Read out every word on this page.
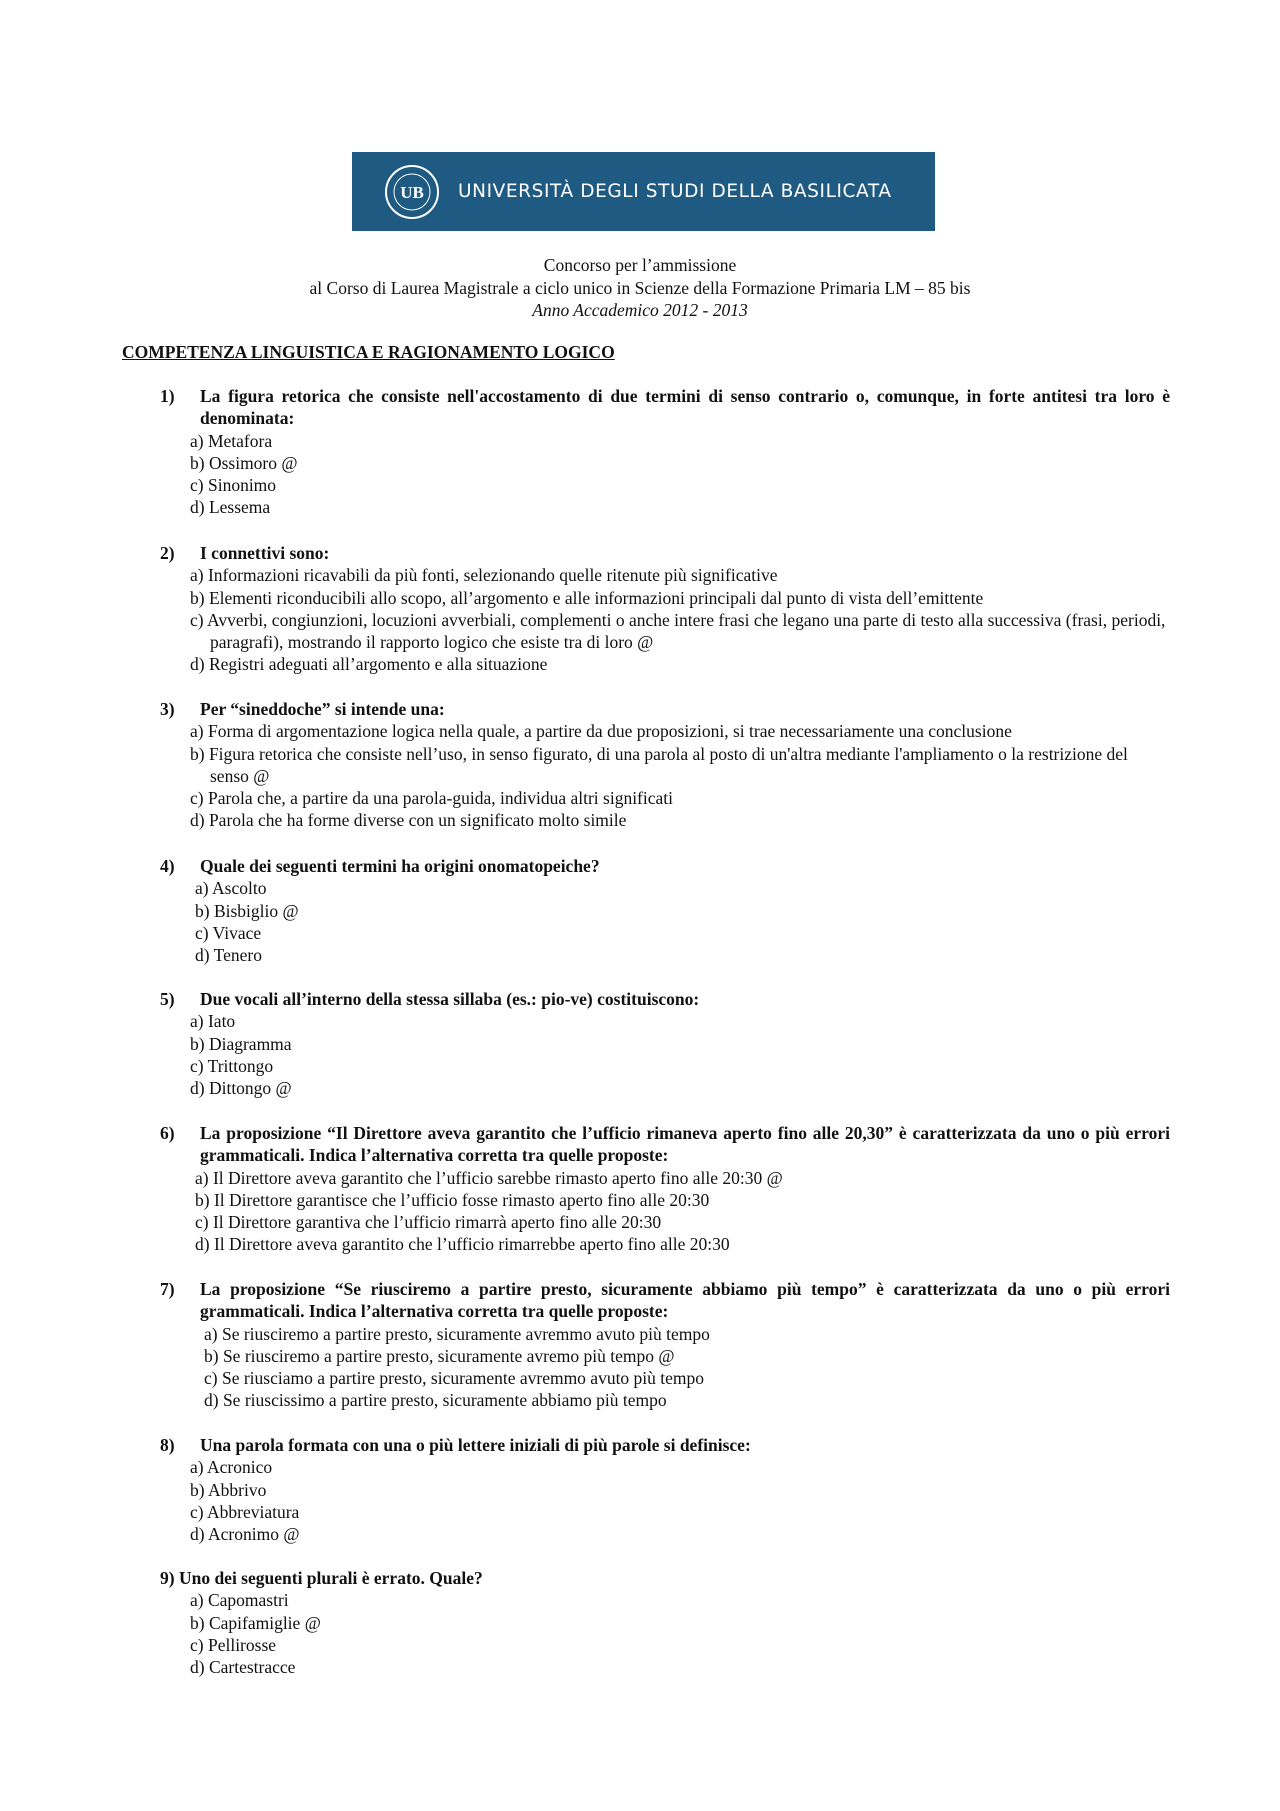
UB UNIVERSITÀ DEGLI STUDI DELLA BASILICATA
Concorso per l’ammissione
al Corso di Laurea Magistrale a ciclo unico in Scienze della Formazione Primaria LM – 85 bis
Anno Accademico 2012 - 2013
COMPETENZA LINGUISTICA E RAGIONAMENTO LOGICO
1)	La figura retorica che consiste nell'accostamento di due termini di senso contrario o, comunque, in forte antitesi tra loro è denominata:
a) Metafora
b) Ossimoro @
c) Sinonimo
d) Lessema
2)	I connettivi sono:
a) Informazioni ricavabili da più fonti, selezionando quelle ritenute più significative
b) Elementi riconducibili allo scopo, all’argomento e alle informazioni principali dal punto di vista dell’emittente
c) Avverbi, congiunzioni, locuzioni avverbiali, complementi o anche intere frasi che legano una parte di testo alla successiva (frasi, periodi, paragrafi), mostrando il rapporto logico che esiste tra di loro @
d) Registri adeguati all’argomento e alla situazione
3)	Per “sineddoche” si intende una:
a) Forma di argomentazione logica nella quale, a partire da due proposizioni, si trae necessariamente una conclusione
b) Figura retorica che consiste nell’uso, in senso figurato, di una parola al posto di un'altra mediante l'ampliamento o la restrizione del senso @
c) Parola che, a partire da una parola-guida, individua altri significati
d) Parola che ha forme diverse con un significato molto simile
4)	Quale dei seguenti termini ha origini onomatopeiche?
a) Ascolto
b) Bisbiglio @
c) Vivace
d) Tenero
5)	Due vocali all’interno della stessa sillaba (es.: pio-ve) costituiscono:
a) Iato
b) Diagramma
c) Trittongo
d) Dittongo @
6)	La proposizione “Il Direttore aveva garantito che l’ufficio rimaneva aperto fino alle 20,30” è caratterizzata da uno o più errori grammaticali. Indica l’alternativa corretta tra quelle proposte:
a) Il Direttore aveva garantito che l’ufficio sarebbe rimasto aperto fino alle 20:30 @
b) Il Direttore garantisce che l’ufficio fosse rimasto aperto fino alle 20:30
c) Il Direttore garantiva che l’ufficio rimarrà aperto fino alle 20:30
d) Il Direttore aveva garantito che l’ufficio rimarrebbe aperto fino alle 20:30
7)	La proposizione “Se riusciremo a partire presto, sicuramente abbiamo più tempo” è caratterizzata da uno o più errori grammaticali. Indica l’alternativa corretta tra quelle proposte:
a) Se riusciremo a partire presto, sicuramente avremmo avuto più tempo
b) Se riusciremo a partire presto, sicuramente avremo più tempo @
c) Se riusciamo a partire presto, sicuramente avremmo avuto più tempo
d) Se riuscissimo a partire presto, sicuramente abbiamo più tempo
8)	Una parola formata con una o più lettere iniziali di più parole si definisce:
a) Acronico
b) Abbrivo
c) Abbreviatura
d) Acronimo @
9) Uno dei seguenti plurali è errato. Quale?
a) Capomastri
b) Capifamiglie @
c) Pellirosse
d) Cartestracce
